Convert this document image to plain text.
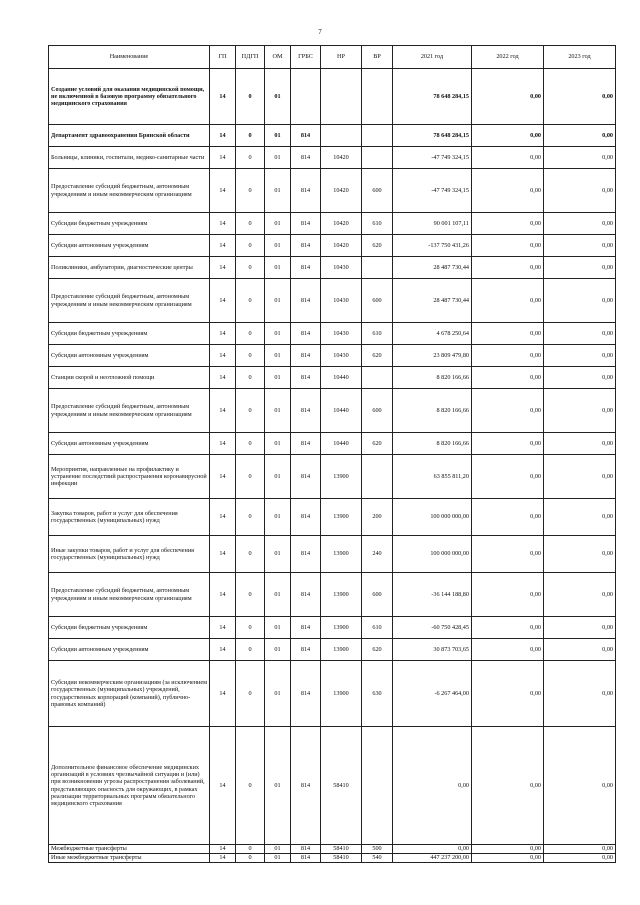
7
Наименование	ГП	ПДГП	ОМ	ГРБС	НР	ВР	2021 год	2022 год	2023 год
Создание условий для оказания медицинской помощи, не включенной в базовую программу обязательного медицинского страхования	14	0	01				78 648 284,15	0,00	0,00
Департамент здравоохранения Брянской области	14	0	01	814			78 648 284,15	0,00	0,00
Больницы, клиники, госпитали, медико-санитарные части	14	0	01	814	10420		-47 749 324,15	0,00	0,00
Предоставление субсидий бюджетным, автономным учреждениям и иным некоммерческим организациям	14	0	01	814	10420	600	-47 749 324,15	0,00	0,00
Субсидии бюджетным учреждениям	14	0	01	814	10420	610	90 001 107,11	0,00	0,00
Субсидии автономным учреждениям	14	0	01	814	10420	620	-137 750 431,26	0,00	0,00
Поликлиники, амбулатории, диагностические центры	14	0	01	814	10430		28 487 730,44	0,00	0,00
Предоставление субсидий бюджетным, автономным учреждениям и иным некоммерческим организациям	14	0	01	814	10430	600	28 487 730,44	0,00	0,00
Субсидии бюджетным учреждениям	14	0	01	814	10430	610	4 678 250,64	0,00	0,00
Субсидии автономным учреждениям	14	0	01	814	10430	620	23 809 479,80	0,00	0,00
Станции скорой и неотложной помощи	14	0	01	814	10440		8 820 166,66	0,00	0,00
Предоставление субсидий бюджетным, автономным учреждениям и иным некоммерческим организациям	14	0	01	814	10440	600	8 820 166,66	0,00	0,00
Субсидии автономным учреждениям	14	0	01	814	10440	620	8 820 166,66	0,00	0,00
Мероприятия, направленные на профилактику и устранение последствий распространения коронавирусной инфекции	14	0	01	814	13900		63 855 811,20	0,00	0,00
Закупка товаров, работ и услуг для обеспечения государственных (муниципальных) нужд	14	0	01	814	13900	200	100 000 000,00	0,00	0,00
Иные закупки товаров, работ и услуг для обеспечения государственных (муниципальных) нужд	14	0	01	814	13900	240	100 000 000,00	0,00	0,00
Предоставление субсидий бюджетным, автономным учреждениям и иным некоммерческим организациям	14	0	01	814	13900	600	-36 144 188,80	0,00	0,00
Субсидии бюджетным учреждениям	14	0	01	814	13900	610	-60 750 428,45	0,00	0,00
Субсидии автономным учреждениям	14	0	01	814	13900	620	30 873 703,65	0,00	0,00
Субсидии некоммерческим организациям (за исключением государственных (муниципальных) учреждений, государственных корпораций (компаний), публично-правовых компаний)	14	0	01	814	13900	630	-6 267 464,00	0,00	0,00
Дополнительное финансовое обеспечение медицинских организаций в условиях чрезвычайной ситуации и (или) при возникновении угрозы распространения заболеваний, представляющих опасность для окружающих, в рамках реализации территориальных программ обязательного медицинского страхования	14	0	01	814	58410		0,00	0,00	0,00
Межбюджетные трансферты	14	0	01	814	58410	500	0,00	0,00	0,00
Иные межбюджетные трансферты	14	0	01	814	58410	540	447 237 200,00	0,00	0,00
